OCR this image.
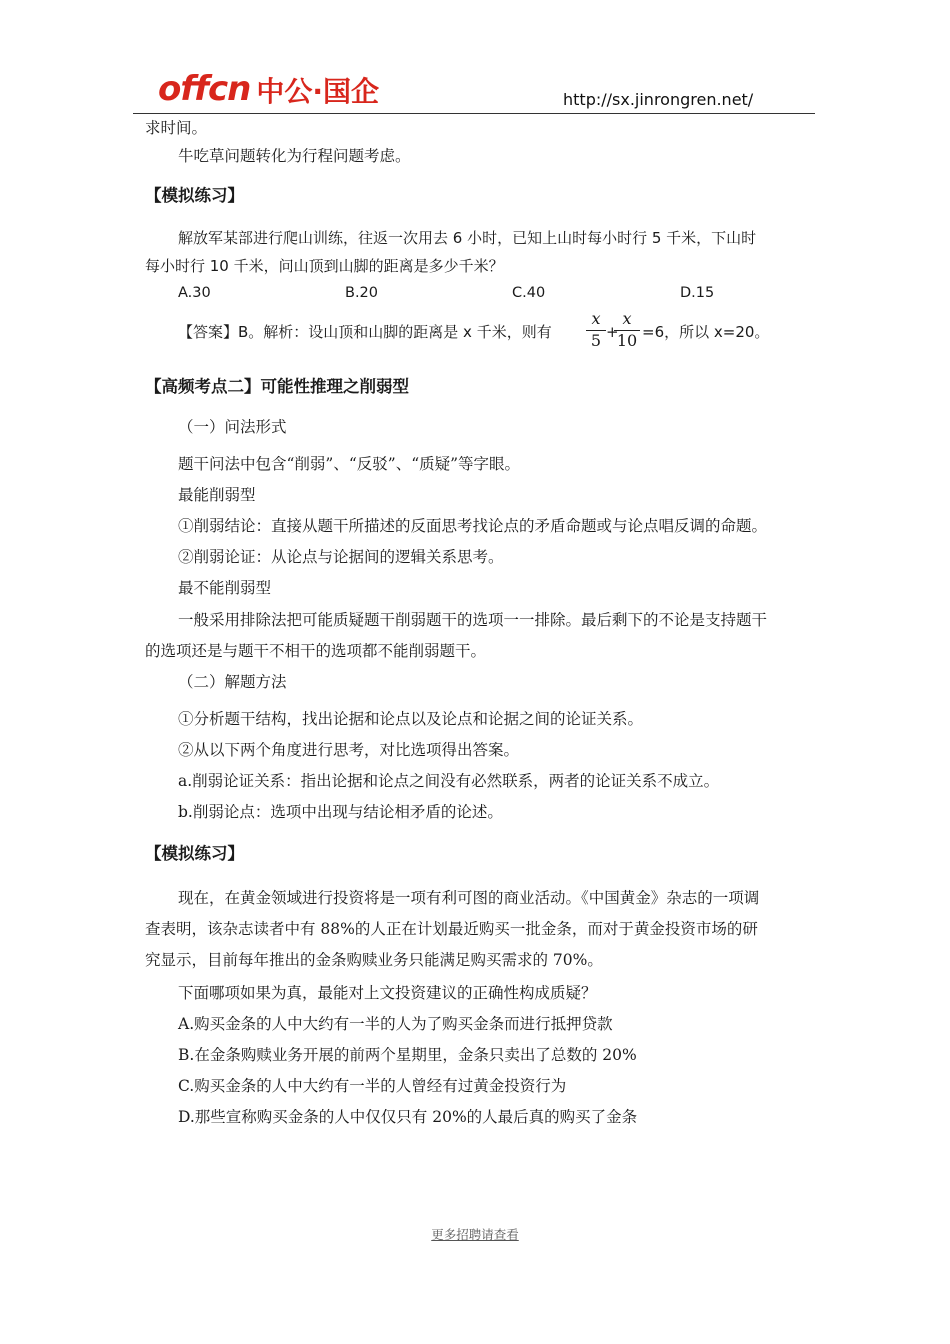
offcn 中公·国企	http://sx.jinrongren.net/
求时间。
牛吃草问题转化为行程问题考虑。
【模拟练习】
解放军某部进行爬山训练，往返一次用去 6 小时，已知上山时每小时行 5 千米，下山时
每小时行 10 千米，问山顶到山脚的距离是多少千米？
A.30	B.20	C.40	D.15
【答案】B。解析：设山顶和山脚的距离是 x 千米，则有 $\frac{x}{5}$ +
$\frac{x}{10} =6$，所以 x=20。
【高频考点二】可能性推理之削弱型
（一）问法形式
题干问法中包含“削弱”、“反驳”、“质疑”等字眼。
最能削弱型
①削弱结论：直接从题干所描述的反面思考找论点的矛盾命题或与论点唱反调的命题。
②削弱论证：从论点与论据间的逻辑关系思考。
最不能削弱型
一般采用排除法把可能质疑题干削弱题干的选项一一排除。最后剩下的不论是支持题干
的选项还是与题干不相干的选项都不能削弱题干。
（二）解题方法
①分析题干结构，找出论据和论点以及论点和论据之间的论证关系。
②从以下两个角度进行思考，对比选项得出答案。
a.削弱论证关系：指出论据和论点之间没有必然联系，两者的论证关系不成立。
b.削弱论点：选项中出现与结论相矛盾的论述。
【模拟练习】
现在，在黄金领域进行投资将是一项有利可图的商业活动。《中国黄金》杂志的一项调
查表明，该杂志读者中有 88%的人正在计划最近购买一批金条，而对于黄金投资市场的研
究显示，目前每年推出的金条购赎业务只能满足购买需求的 70%。
下面哪项如果为真，最能对上文投资建议的正确性构成质疑？
A.购买金条的人中大约有一半的人为了购买金条而进行抵押贷款
B.在金条购赎业务开展的前两个星期里，金条只卖出了总数的 20%
C.购买金条的人中大约有一半的人曾经有过黄金投资行为
D.那些宣称购买金条的人中仅仅只有 20%的人最后真的购买了金条
更多招聘请查看
